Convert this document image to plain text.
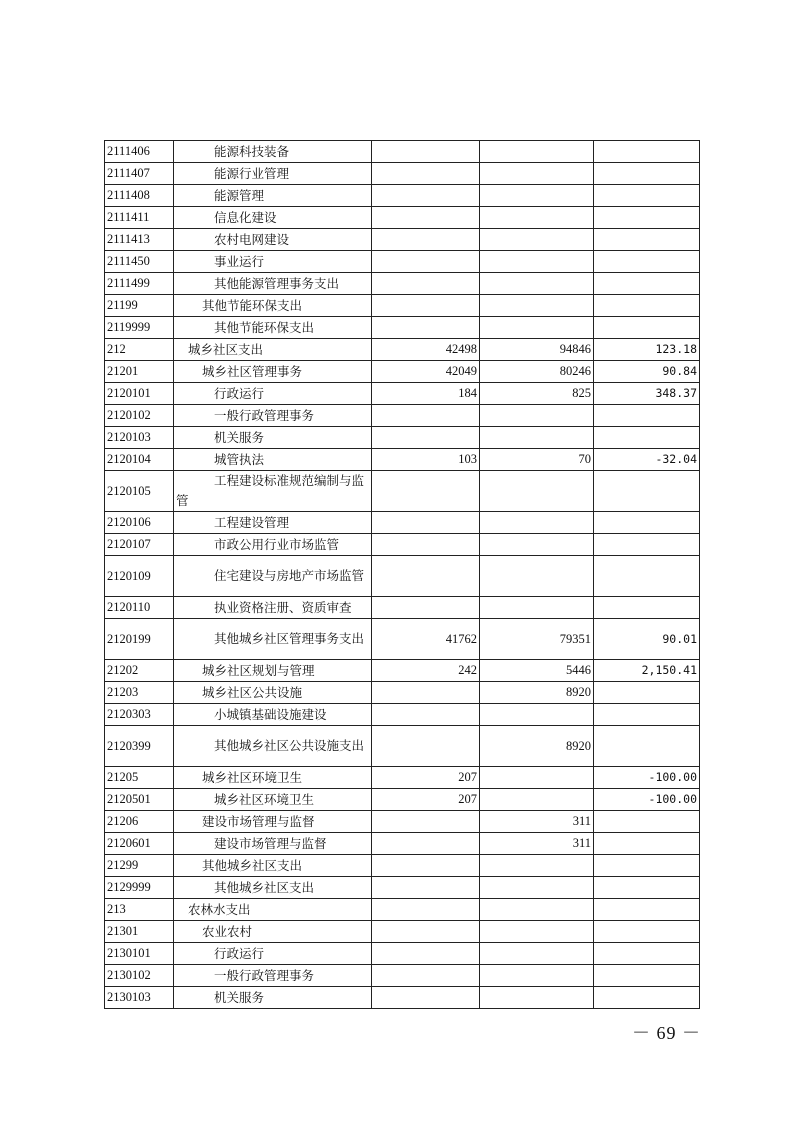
2111406	能源科技装备			
2111407	能源行业管理			
2111408	能源管理			
2111411	信息化建设			
2111413	农村电网建设			
2111450	事业运行			
2111499	其他能源管理事务支出			
21199	其他节能环保支出			
2119999	其他节能环保支出			
212	城乡社区支出	42498	94846	123.18
21201	城乡社区管理事务	42049	80246	90.84
2120101	行政运行	184	825	348.37
2120102	一般行政管理事务			
2120103	机关服务			
2120104	城管执法	103	70	-32.04
2120105	工程建设标准规范编制与监管			
2120106	工程建设管理			
2120107	市政公用行业市场监管			
2120109	住宅建设与房地产市场监管			
2120110	执业资格注册、资质审查			
2120199	其他城乡社区管理事务支出	41762	79351	90.01
21202	城乡社区规划与管理	242	5446	2,150.41
21203	城乡社区公共设施		8920	
2120303	小城镇基础设施建设			
2120399	其他城乡社区公共设施支出		8920	
21205	城乡社区环境卫生	207		-100.00
2120501	城乡社区环境卫生	207		-100.00
21206	建设市场管理与监督		311	
2120601	建设市场管理与监督		311	
21299	其他城乡社区支出			
2129999	其他城乡社区支出			
213	农林水支出			
21301	农业农村			
2130101	行政运行			
2130102	一般行政管理事务			
2130103	机关服务			
－ 69 －
